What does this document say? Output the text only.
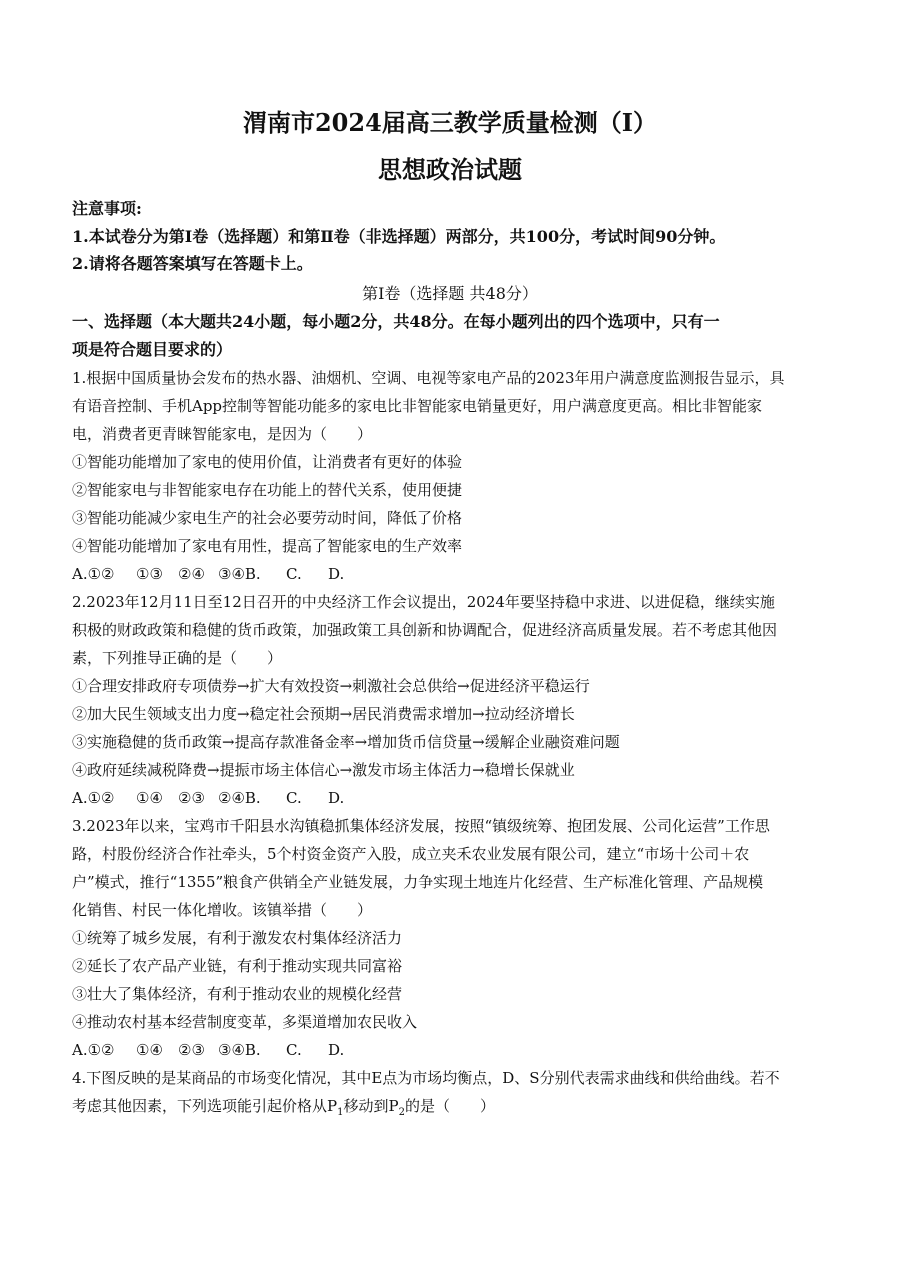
渭南市2024届高三教学质量检测（Ⅰ）
思想政治试题
注意事项:
1.本试卷分为第Ⅰ卷（选择题）和第Ⅱ卷（非选择题）两部分，共100分，考试时间90分钟。
2.请将各题答案填写在答题卡上。
第Ⅰ卷（选择题 共48分）
一、选择题（本大题共24小题，每小题2分，共48分。在每小题列出的四个选项中，只有一
项是符合题目要求的）
1.根据中国质量协会发布的热水器、油烟机、空调、电视等家电产品的2023年用户满意度监测报告显示，具
有语音控制、手机App控制等智能功能多的家电比非智能家电销量更好，用户满意度更高。相比非智能家
电，消费者更青睐智能家电，是因为（　　）
①智能功能增加了家电的使用价值，让消费者有更好的体验
②智能家电与非智能家电存在功能上的替代关系，使用便捷
③智能功能减少家电生产的社会必要劳动时间，降低了价格
④智能功能增加了家电有用性，提高了智能家电的生产效率
A.①② ①③ ②④ ③④B. C. D.
2.2023年12月11日至12日召开的中央经济工作会议提出，2024年要坚持稳中求进、以进促稳，继续实施
积极的财政政策和稳健的货币政策，加强政策工具创新和协调配合，促进经济高质量发展。若不考虑其他因
素，下列推导正确的是（　　）
①合理安排政府专项债券→扩大有效投资→刺激社会总供给→促进经济平稳运行
②加大民生领域支出力度→稳定社会预期→居民消费需求增加→拉动经济增长
③实施稳健的货币政策→提高存款准备金率→增加货币信贷量→缓解企业融资难问题
④政府延续减税降费→提振市场主体信心→激发市场主体活力→稳增长保就业
A.①② ①④ ②③ ②④B. C. D.
3.2023年以来，宝鸡市千阳县水沟镇稳抓集体经济发展，按照“镇级统筹、抱团发展、公司化运营”工作思
路，村股份经济合作社牵头，5个村资金资产入股，成立夹禾农业发展有限公司，建立“市场十公司＋农
户”模式，推行“1355”粮食产供销全产业链发展，力争实现土地连片化经营、生产标准化管理、产品规模
化销售、村民一体化增收。该镇举措（　　）
①统筹了城乡发展，有利于激发农村集体经济活力
②延长了农产品产业链，有利于推动实现共同富裕
③壮大了集体经济，有利于推动农业的规模化经营
④推动农村基本经营制度变革，多渠道增加农民收入
A.①② ①④ ②③ ③④B. C. D.
4.下图反映的是某商品的市场变化情况，其中E点为市场均衡点，D、S分别代表需求曲线和供给曲线。若不
考虑其他因素，下列选项能引起价格从$P_1$移动到$P_2$的是（　　）
